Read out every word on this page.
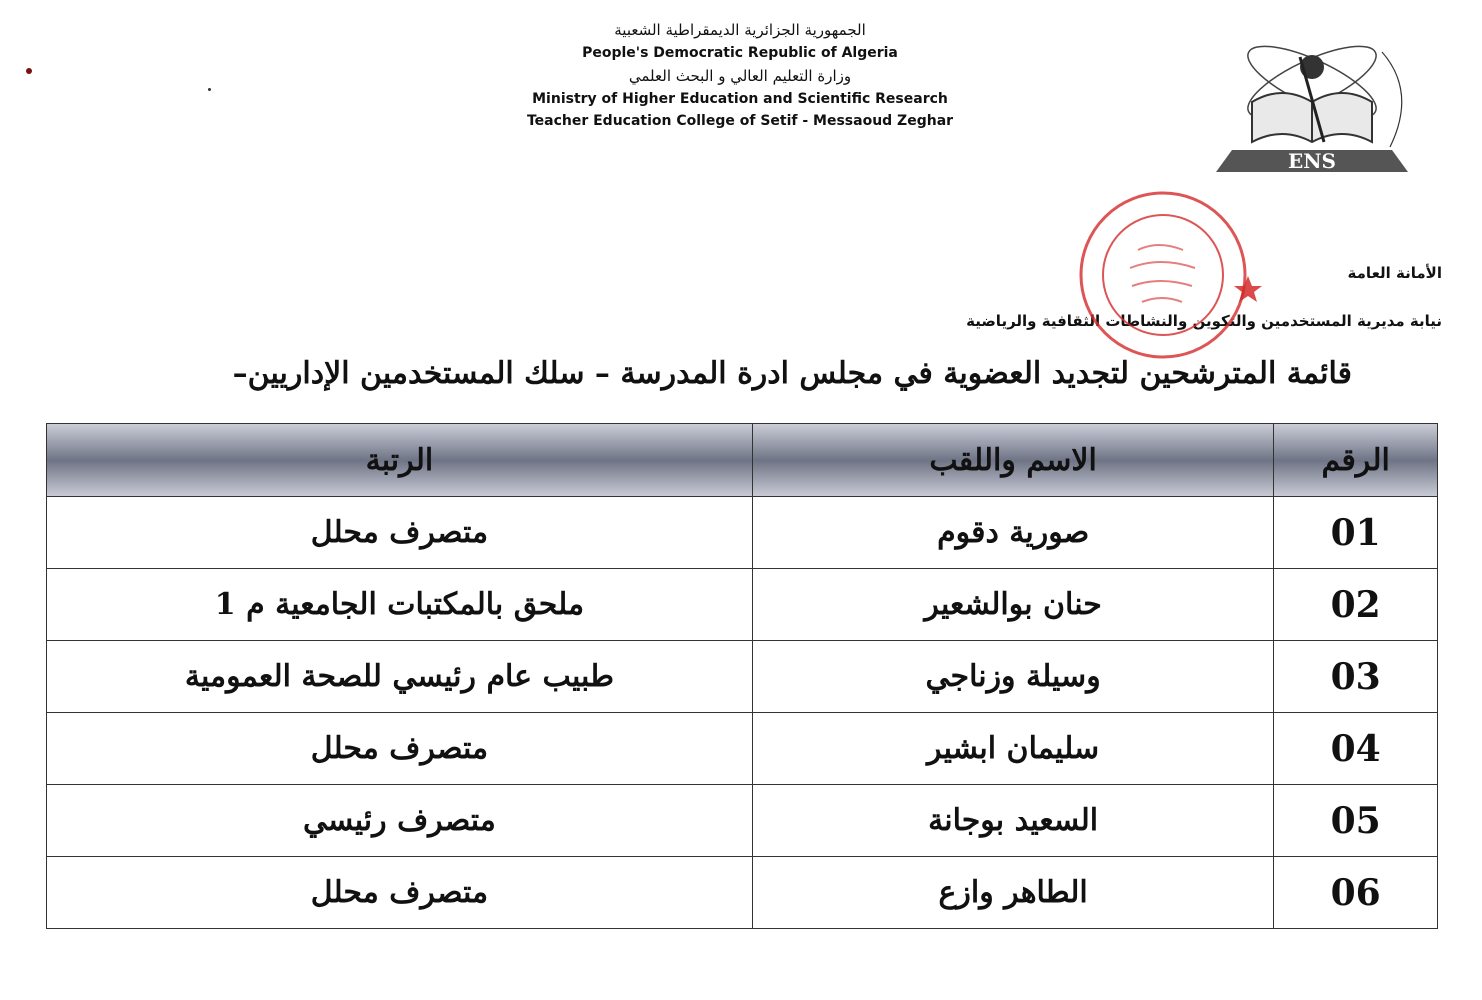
الجمهورية الجزائرية الديمقراطية الشعبية
People's Democratic Republic of Algeria
وزارة التعليم العالي و البحث العلمي
Ministry of Higher Education and Scientific Research
Teacher Education College of Setif - Messaoud Zeghar
ENS
الأمانة العامة
نيابة مديرية المستخدمين والتكوين والنشاطات الثقافية والرياضية
قائمة المترشحين لتجديد العضوية في مجلس ادرة المدرسة – سلك المستخدمين الإداريين–
الرقم	الاسم واللقب	الرتبة
01	صورية دقوم	متصرف محلل
02	حنان بوالشعير	ملحق بالمكتبات الجامعية م 1
03	وسيلة وزناجي	طبيب عام رئيسي للصحة العمومية
04	سليمان ابشير	متصرف محلل
05	السعيد بوجانة	متصرف رئيسي
06	الطاهر وازع	متصرف محلل
